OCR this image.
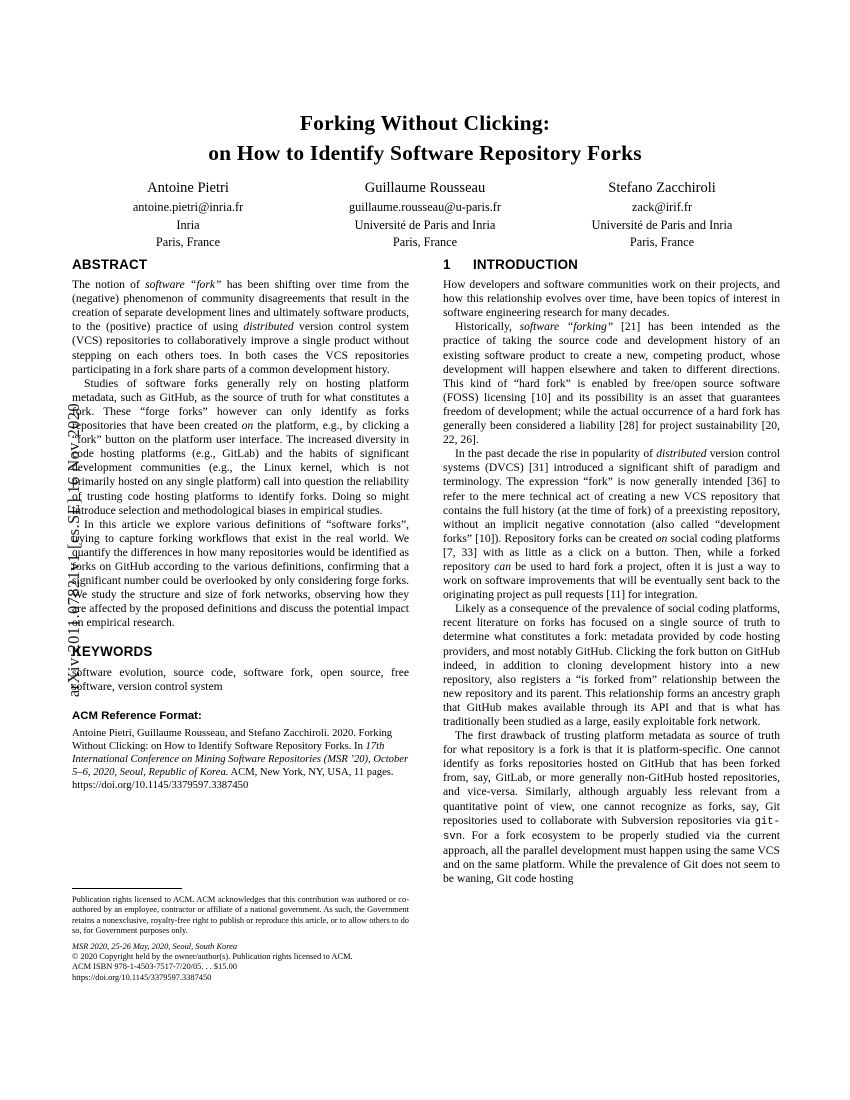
arXiv:2011.07821v1 [cs.SE] 16 Nov 2020
Forking Without Clicking:
on How to Identify Software Repository Forks
Antoine Pietri
antoine.pietri@inria.fr
Inria
Paris, France
Guillaume Rousseau
guillaume.rousseau@u-paris.fr
Université de Paris and Inria
Paris, France
Stefano Zacchiroli
zack@irif.fr
Université de Paris and Inria
Paris, France
ABSTRACT

The notion of software “fork” has been shifting over time from the (negative) phenomenon of community disagreements that result in the creation of separate development lines and ultimately software products, to the (positive) practice of using distributed version control system (VCS) repositories to collaboratively improve a single product without stepping on each others toes. In both cases the VCS repositories participating in a fork share parts of a common development history.

Studies of software forks generally rely on hosting platform metadata, such as GitHub, as the source of truth for what constitutes a fork. These “forge forks” however can only identify as forks repositories that have been created on the platform, e.g., by clicking a “fork” button on the platform user interface. The increased diversity in code hosting platforms (e.g., GitLab) and the habits of significant development communities (e.g., the Linux kernel, which is not primarily hosted on any single platform) call into question the reliability of trusting code hosting platforms to identify forks. Doing so might introduce selection and methodological biases in empirical studies.

In this article we explore various definitions of “software forks”, trying to capture forking workflows that exist in the real world. We quantify the differences in how many repositories would be identified as forks on GitHub according to the various definitions, confirming that a significant number could be overlooked by only considering forge forks. We study the structure and size of fork networks, observing how they are affected by the proposed definitions and discuss the potential impact on empirical research.

KEYWORDS

software evolution, source code, software fork, open source, free software, version control system

ACM Reference Format:

Antoine Pietri, Guillaume Rousseau, and Stefano Zacchiroli. 2020. Forking Without Clicking: on How to Identify Software Repository Forks. In 17th International Conference on Mining Software Repositories (MSR ’20), October 5–6, 2020, Seoul, Republic of Korea. ACM, New York, NY, USA, 11 pages. https://doi.org/10.1145/3379597.3387450

Publication rights licensed to ACM. ACM acknowledges that this contribution was authored or co-authored by an employee, contractor or affiliate of a national government. As such, the Government retains a nonexclusive, royalty-free right to publish or reproduce this article, or to allow others to do so, for Government purposes only.

MSR 2020, 25-26 May, 2020, Seoul, South Korea

© 2020 Copyright held by the owner/author(s). Publication rights licensed to ACM.

ACM ISBN 978-1-4503-7517-7/20/05. . . $15.00

https://doi.org/10.1145/3379597.3387450

1	INTRODUCTION

How developers and software communities work on their projects, and how this relationship evolves over time, have been topics of interest in software engineering research for many decades.

Historically, software “forking” [21] has been intended as the practice of taking the source code and development history of an existing software product to create a new, competing product, whose development will happen elsewhere and taken to different directions. This kind of “hard fork” is enabled by free/open source software (FOSS) licensing [10] and its possibility is an asset that guarantees freedom of development; while the actual occurrence of a hard fork has generally been considered a liability [28] for project sustainability [20, 22, 26].

In the past decade the rise in popularity of distributed version control systems (DVCS) [31] introduced a significant shift of paradigm and terminology. The expression “fork” is now generally intended [36] to refer to the mere technical act of creating a new VCS repository that contains the full history (at the time of fork) of a preexisting repository, without an implicit negative connotation (also called “development forks” [10]). Repository forks can be created on social coding platforms [7, 33] with as little as a click on a button. Then, while a forked repository can be used to hard fork a project, often it is just a way to work on software improvements that will be eventually sent back to the originating project as pull requests [11] for integration.

Likely as a consequence of the prevalence of social coding platforms, recent literature on forks has focused on a single source of truth to determine what constitutes a fork: metadata provided by code hosting providers, and most notably GitHub. Clicking the fork button on GitHub indeed, in addition to cloning development history into a new repository, also registers a “is forked from” relationship between the new repository and its parent. This relationship forms an ancestry graph that GitHub makes available through its API and that is what has traditionally been studied as a large, easily exploitable fork network.

The first drawback of trusting platform metadata as source of truth for what repository is a fork is that it is platform-specific. One cannot identify as forks repositories hosted on GitHub that has been forked from, say, GitLab, or more generally non-GitHub hosted repositories, and vice-versa. Similarly, although arguably less relevant from a quantitative point of view, one cannot recognize as forks, say, Git repositories used to collaborate with Subversion repositories via git-svn. For a fork ecosystem to be properly studied via the current approach, all the parallel development must happen using the same VCS and on the same platform. While the prevalence of Git does not seem to be waning, Git code hosting
